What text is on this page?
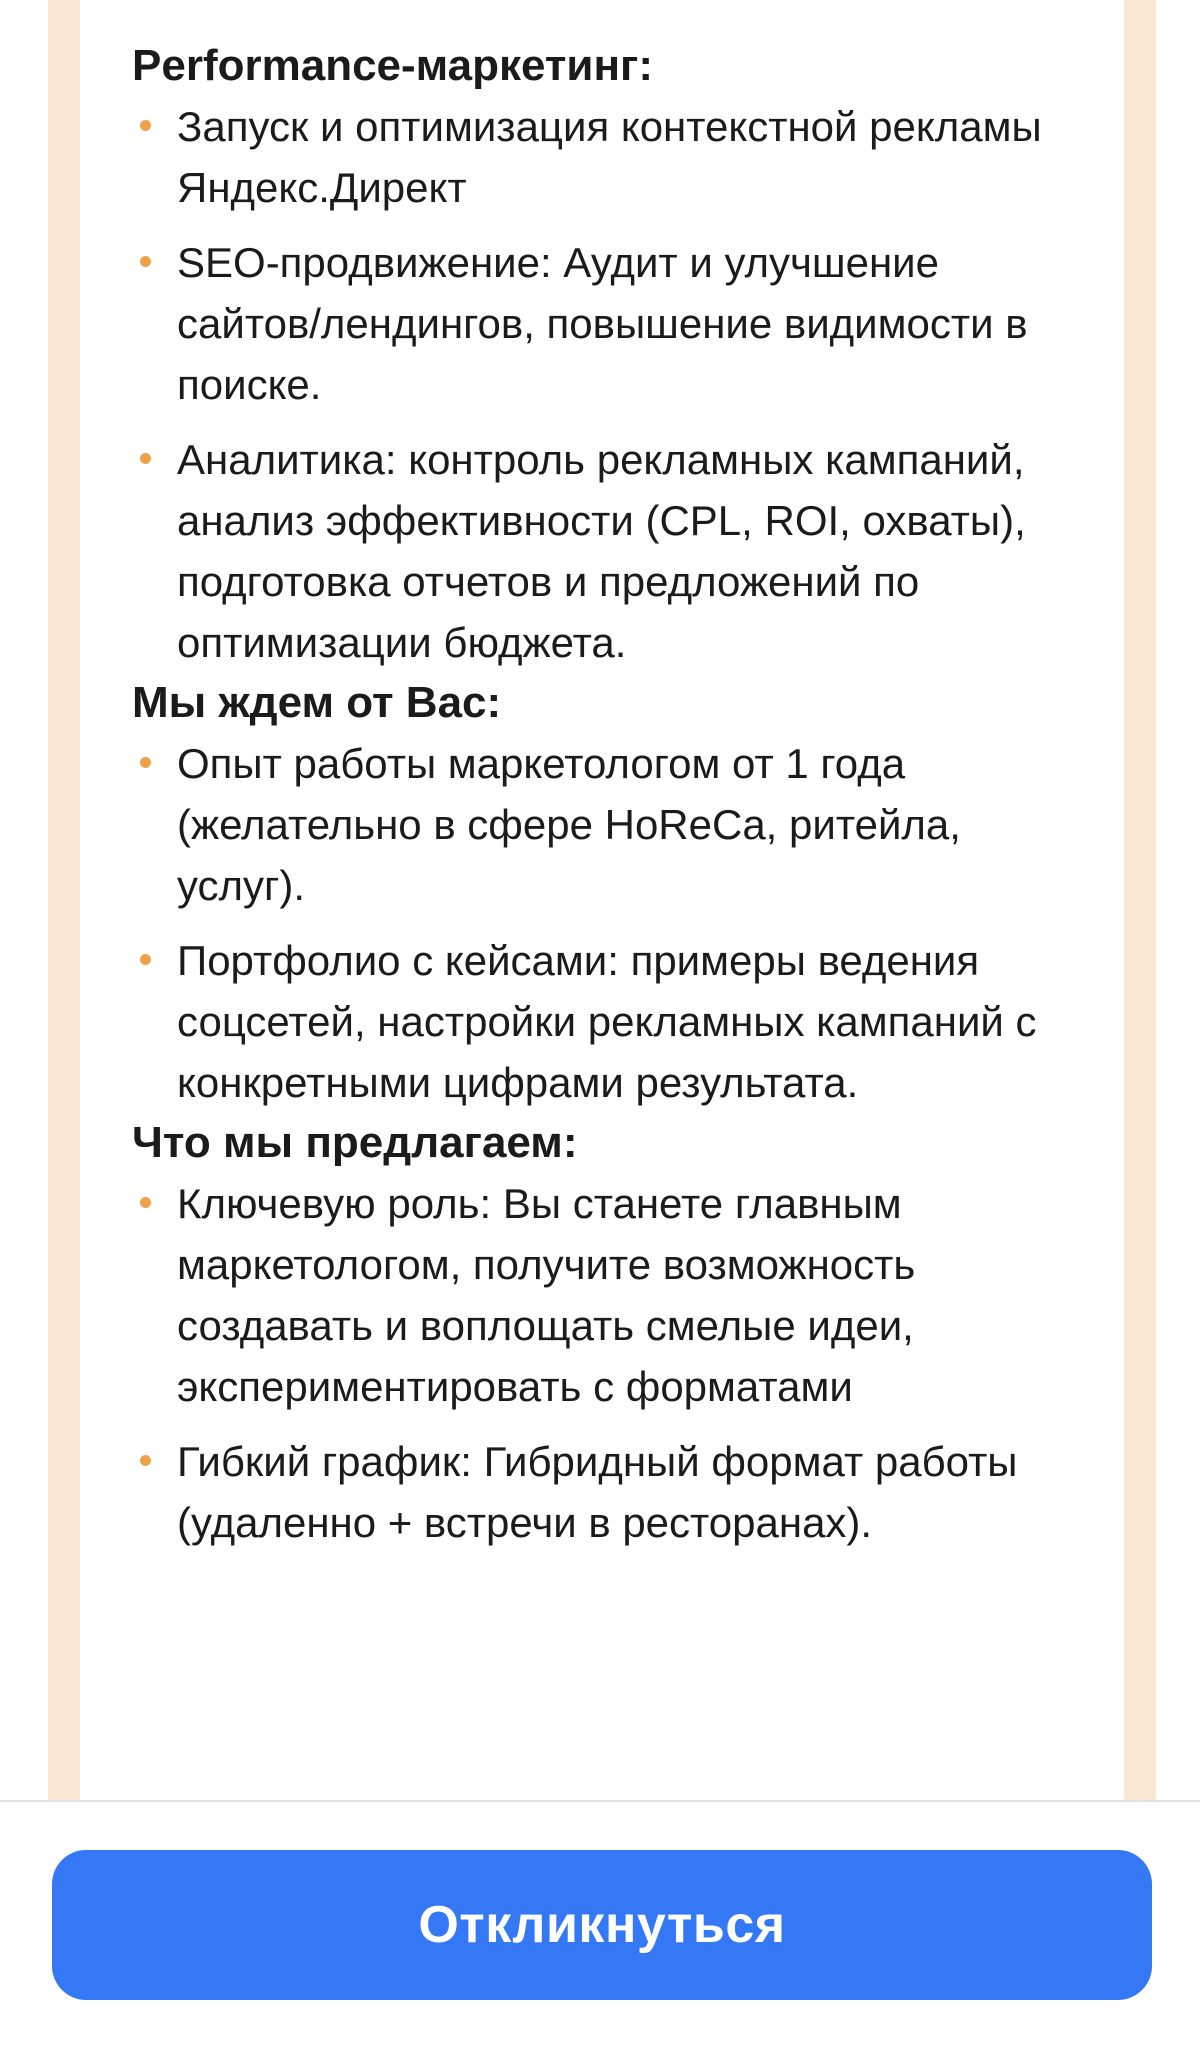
Performance-маркетинг:
Запуск и оптимизация контекстной рекламы Яндекс.Директ
SEO-продвижение: Аудит и улучшение сайтов/лендингов, повышение видимости в поиске.
Аналитика: контроль рекламных кампаний, анализ эффективности (CPL, ROI, охваты), подготовка отчетов и предложений по оптимизации бюджета.
Мы ждем от Вас:
Опыт работы маркетологом от 1 года (желательно в сфере HoReCa, ритейла, услуг).
Портфолио с кейсами: примеры ведения соцсетей, настройки рекламных кампаний с конкретными цифрами результата.
Что мы предлагаем:
Ключевую роль: Вы станете главным маркетологом, получите возможность создавать и воплощать смелые идеи, экспериментировать с форматами
Гибкий график: Гибридный формат работы (удаленно + встречи в ресторанах).
Откликнуться
